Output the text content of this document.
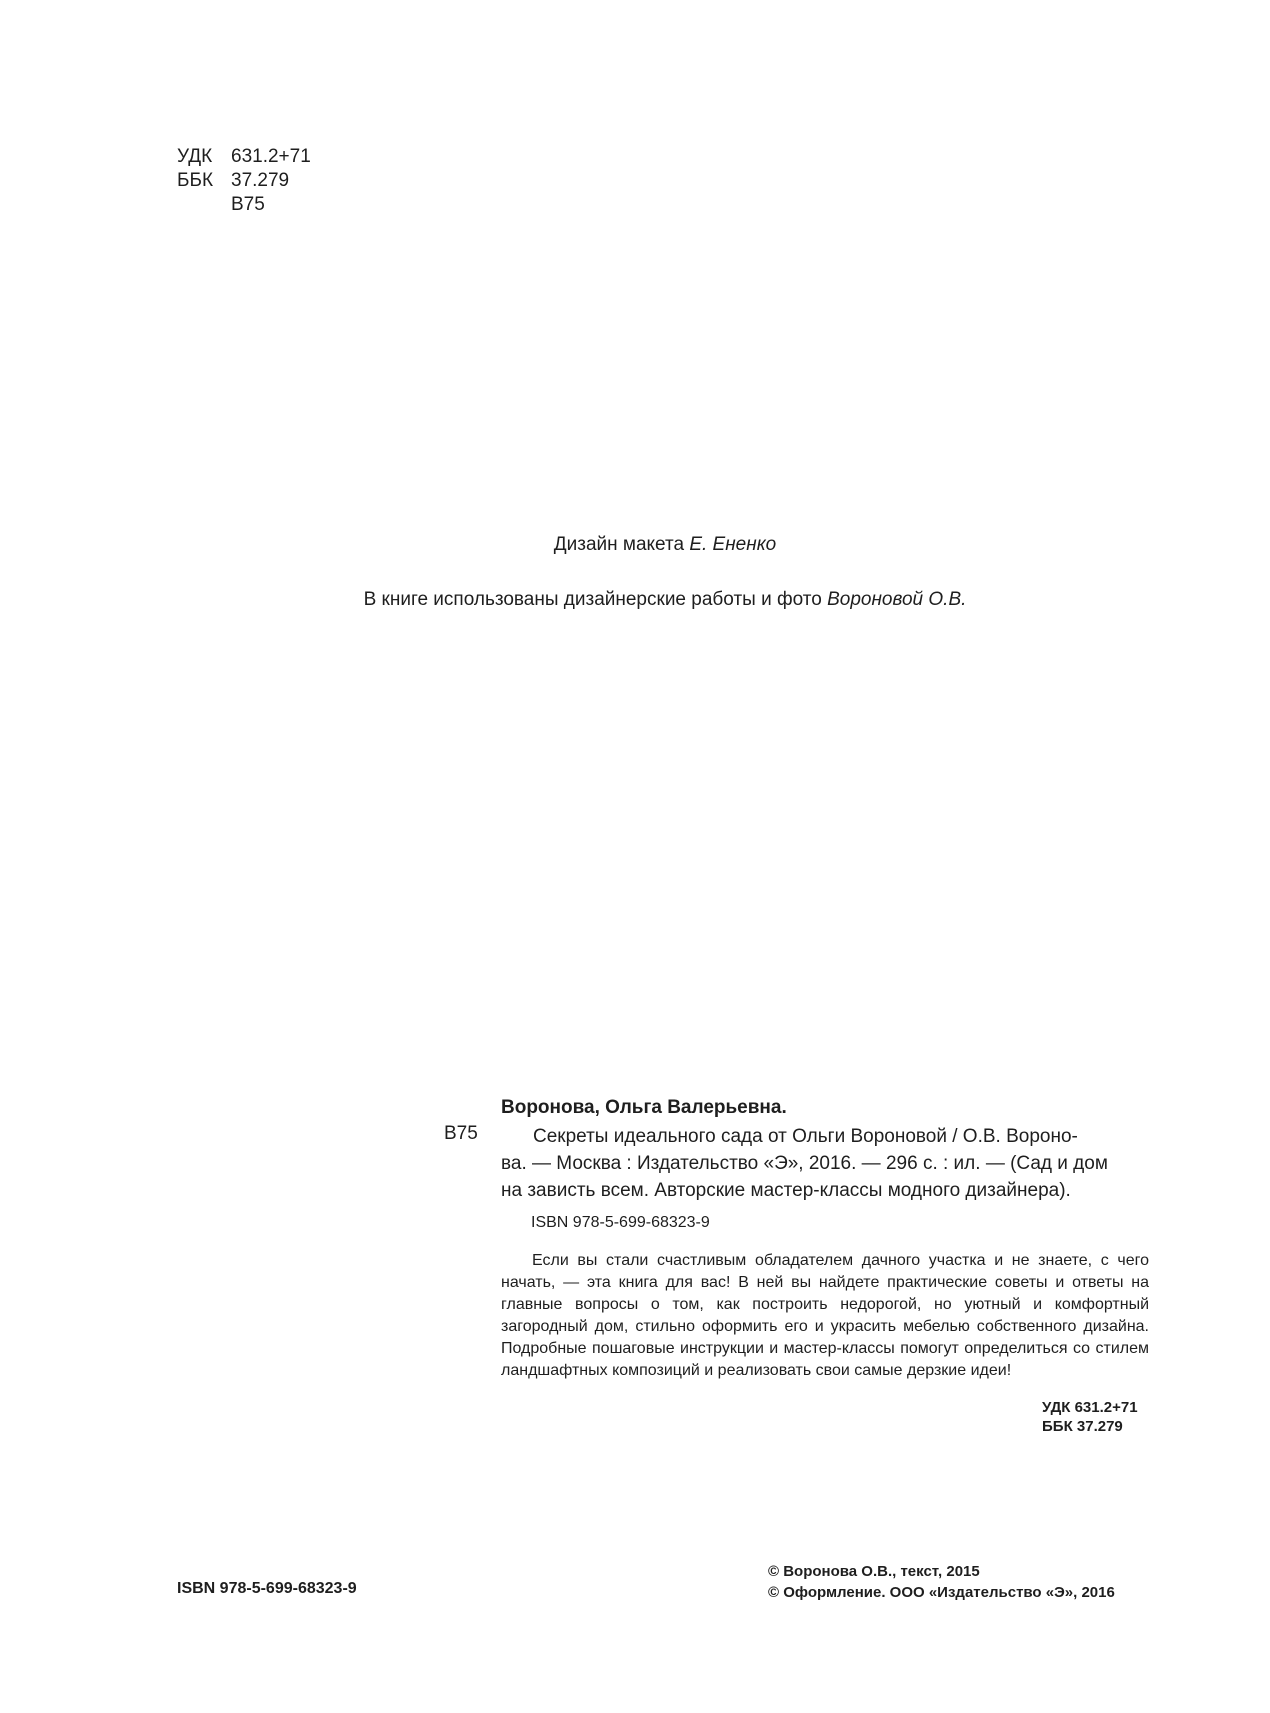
УДК 631.2+71
ББК 37.279
В75
Дизайн макета Е. Ененко
В книге использованы дизайнерские работы и фото Вороновой О.В.
Воронова, Ольга Валерьевна.
В75	Секреты идеального сада от Ольги Вороновой / О.В. Вороно-

ва. — Москва : Издательство «Э», 2016. — 296 с. : ил. — (Сад и дом

на зависть всем. Авторские мастер-классы модного дизайнера).

ISBN 978-5-699-68323-9

Если вы стали счастливым обладателем дачного участка и не знаете, с чего начать, — эта книга для вас! В ней вы найдете практические советы и ответы на главные вопросы о том, как построить недорогой, но уютный и комфортный загородный дом, стильно оформить его и украсить мебелью собственного дизайна. Подробные пошаговые инструкции и мастер-классы помогут определиться со стилем ландшафтных композиций и реализовать свои самые дерзкие идеи!

УДК 631.2+71
ББК 37.279
ISBN 978-5-699-68323-9
© Воронова О.В., текст, 2015
© Оформление. ООО «Издательство «Э», 2016
